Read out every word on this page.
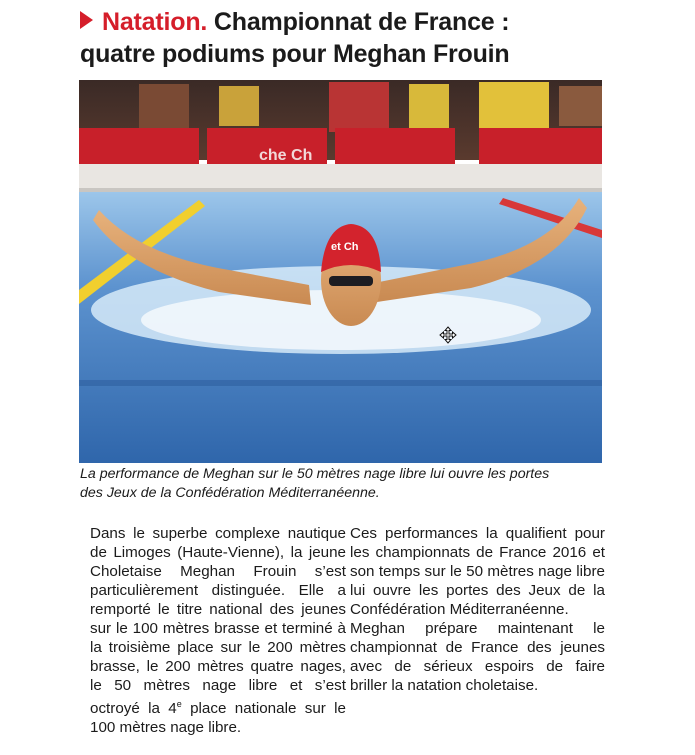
Natation. Championnat de France :
quatre podiums pour Meghan Frouin
che Ch
et Ch
La performance de Meghan sur le 50 mètres nage libre lui ouvre les portes
des Jeux de la Confédération Méditerranéenne.

Dans le superbe complexe nautique de Limoges (Haute-Vienne), la jeune Choletaise Meghan Frouin s’est particulièrement distinguée. Elle a remporté le titre national des jeunes sur le 100 mètres brasse et terminé à la troisième place sur le 200 mètres brasse, le 200 mètres quatre nages, le 50 mètres nage libre et s’est octroyé la 4e place nationale sur le 100 mètres nage libre.

Ces performances la qualifient pour les championnats de France 2016 et son temps sur le 50 mètres nage libre lui ouvre les portes des Jeux de la Confédération Méditerranéenne.

Meghan prépare maintenant le championnat de France des jeunes avec de sérieux espoirs de faire briller la natation choletaise.
